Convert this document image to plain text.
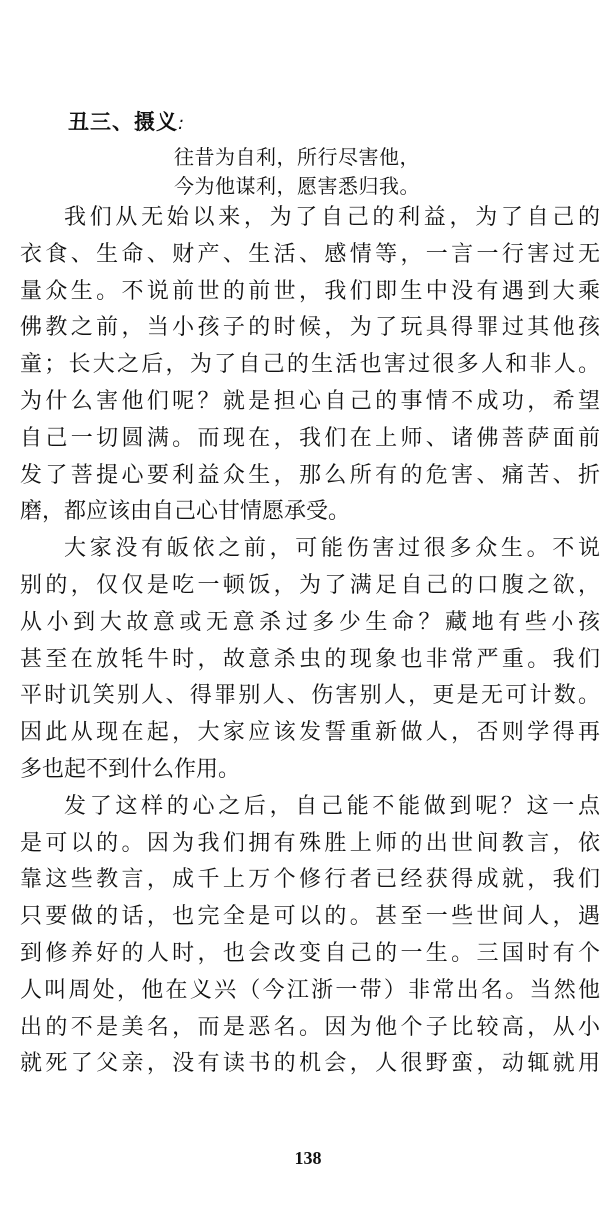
丑三、摄义:
往昔为自利，所行尽害他，
今为他谋利，愿害悉归我。
我们从无始以来，为了自己的利益，为了自己的
衣食、生命、财产、生活、感情等，一言一行害过无
量众生。不说前世的前世，我们即生中没有遇到大乘
佛教之前，当小孩子的时候，为了玩具得罪过其他孩
童；长大之后，为了自己的生活也害过很多人和非人。
为什么害他们呢？就是担心自己的事情不成功，希望
自己一切圆满。而现在，我们在上师、诸佛菩萨面前
发了菩提心要利益众生，那么所有的危害、痛苦、折
磨，都应该由自己心甘情愿承受。
大家没有皈依之前，可能伤害过很多众生。不说
别的，仅仅是吃一顿饭，为了满足自己的口腹之欲，
从小到大故意或无意杀过多少生命？藏地有些小孩
甚至在放牦牛时，故意杀虫的现象也非常严重。我们
平时讥笑别人、得罪别人、伤害别人，更是无可计数。
因此从现在起，大家应该发誓重新做人，否则学得再
多也起不到什么作用。
发了这样的心之后，自己能不能做到呢？这一点
是可以的。因为我们拥有殊胜上师的出世间教言，依
靠这些教言，成千上万个修行者已经获得成就，我们
只要做的话，也完全是可以的。甚至一些世间人，遇
到修养好的人时，也会改变自己的一生。三国时有个
人叫周处，他在义兴（今江浙一带）非常出名。当然他
出的不是美名，而是恶名。因为他个子比较高，从小
就死了父亲，没有读书的机会，人很野蛮，动辄就用
138
